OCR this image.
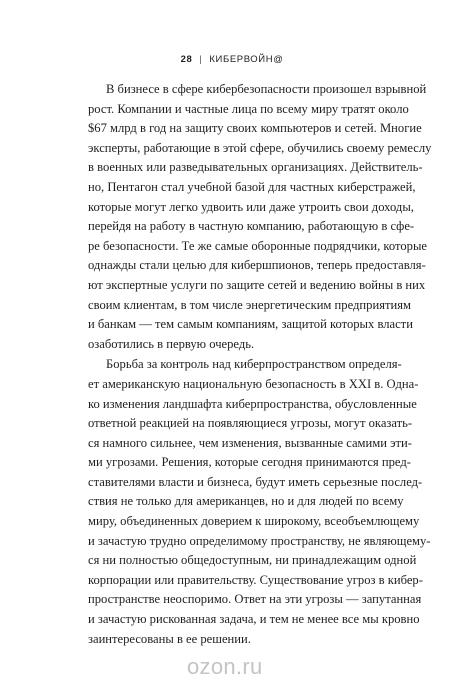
28 | КИБЕРВОЙН@
В бизнесе в сфере кибербезопасности произошел взрывной
рост. Компании и частные лица по всему миру тратят около
$67 млрд в год на защиту своих компьютеров и сетей. Многие
эксперты, работающие в этой сфере, обучились своему ремеслу
в военных или разведывательных организациях. Действитель-
но, Пентагон стал учебной базой для частных киберстражей,
которые могут легко удвоить или даже утроить свои доходы,
перейдя на работу в частную компанию, работающую в сфе-
ре безопасности. Те же самые оборонные подрядчики, которые
однажды стали целью для кибершпионов, теперь предоставля-
ют экспертные услуги по защите сетей и ведению войны в них
своим клиентам, в том числе энергетическим предприятиям
и банкам — тем самым компаниям, защитой которых власти
озаботились в первую очередь.
Борьба за контроль над киберпространством определя-
ет американскую национальную безопасность в XXI в. Одна-
ко изменения ландшафта киберпространства, обусловленные
ответной реакцией на появляющиеся угрозы, могут оказать-
ся намного сильнее, чем изменения, вызванные самими эти-
ми угрозами. Решения, которые сегодня принимаются пред-
ставителями власти и бизнеса, будут иметь серьезные послед-
ствия не только для американцев, но и для людей по всему
миру, объединенных доверием к широкому, всеобъемлющему
и зачастую трудно определимому пространству, не являющему-
ся ни полностью общедоступным, ни принадлежащим одной
корпорации или правительству. Существование угроз в кибер-
пространстве неоспоримо. Ответ на эти угрозы — запутанная
и зачастую рискованная задача, и тем не менее все мы кровно
заинтересованы в ее решении.
ozon.ru
